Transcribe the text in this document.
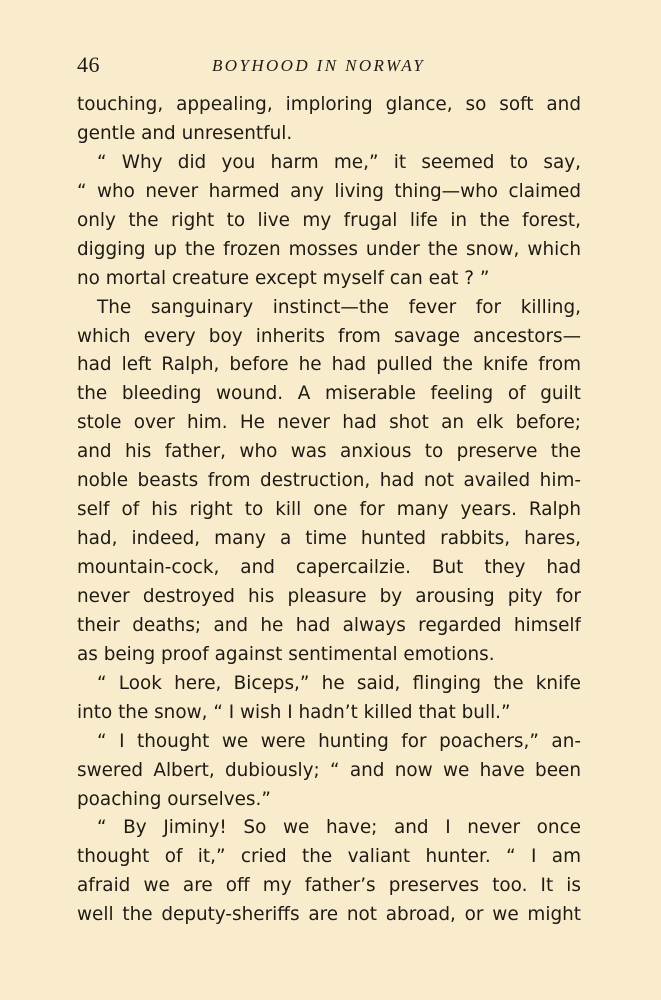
46	BOYHOOD IN NORWAY
touching, appealing, imploring glance, so soft and
gentle and unresentful.
“ Why did you harm me,” it seemed to say,
“ who never harmed any living thing—who claimed
only the right to live my frugal life in the forest,
digging up the frozen mosses under the snow, which
no mortal creature except myself can eat ? ”
The sanguinary instinct—the fever for killing,
which every boy inherits from savage ancestors—
had left Ralph, before he had pulled the knife from
the bleeding wound. A miserable feeling of guilt
stole over him. He never had shot an elk before;
and his father, who was anxious to preserve the
noble beasts from destruction, had not availed him-
self of his right to kill one for many years. Ralph
had, indeed, many a time hunted rabbits, hares,
mountain-cock, and capercailzie. But they had
never destroyed his pleasure by arousing pity for
their deaths; and he had always regarded himself
as being proof against sentimental emotions.
“ Look here, Biceps,” he said, flinging the knife
into the snow, “ I wish I hadn’t killed that bull.”
“ I thought we were hunting for poachers,” an-
swered Albert, dubiously; “ and now we have been
poaching ourselves.”
“ By Jiminy! So we have; and I never once
thought of it,” cried the valiant hunter. “ I am
afraid we are off my father’s preserves too. It is
well the deputy-sheriffs are not abroad, or we might
